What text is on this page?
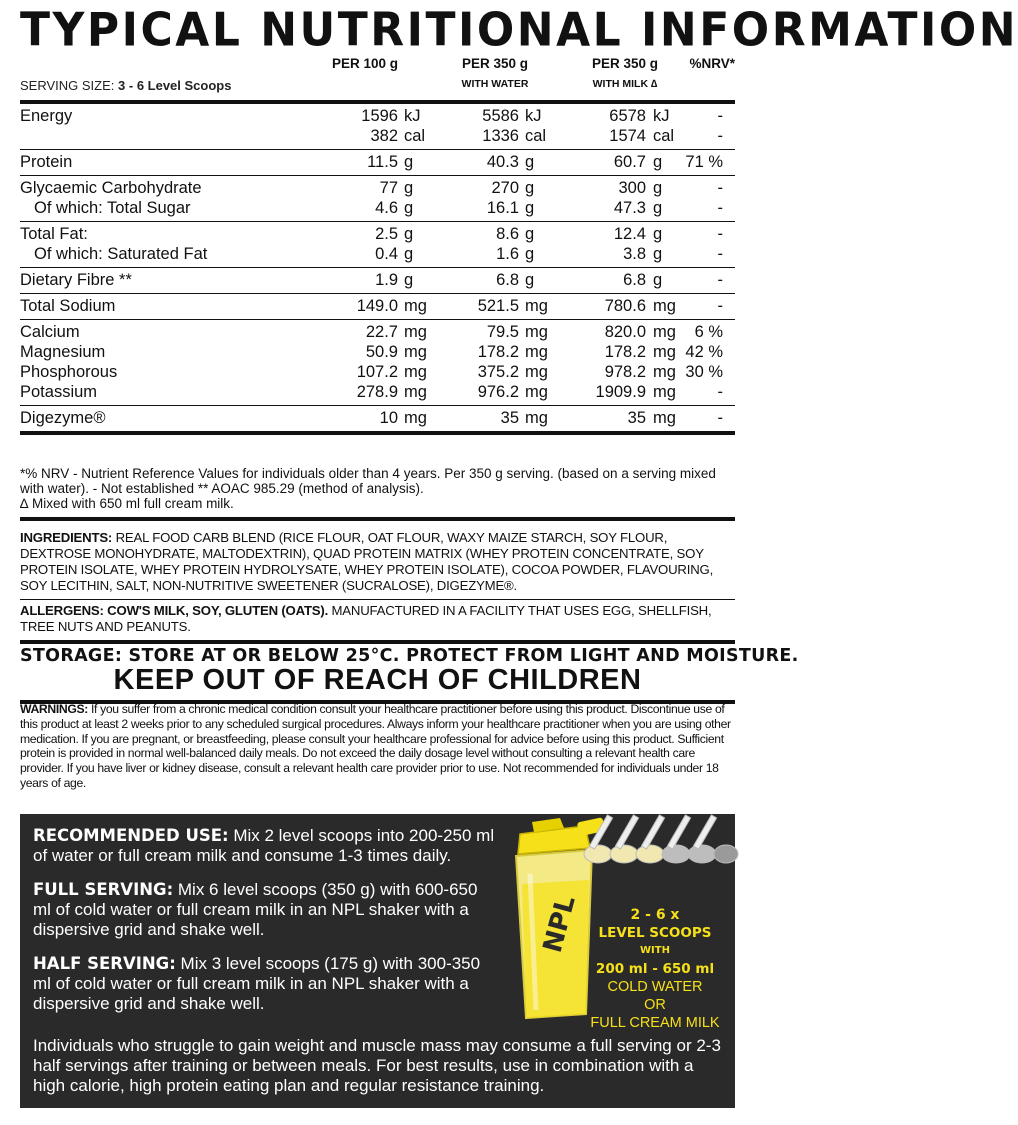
TYPICAL NUTRITIONAL INFORMATION
SERVING SIZE: 3 - 6 Level Scoops
PER 100 g	PER 350 g
WITH WATER
PER 350 g
WITH MILK ∆
%NRV*
Energy	1596 kJ	5586 kJ	6578 kJ	-
382 cal	1336 cal	1574 cal	-
Protein	11.5 g	40.3 g	60.7 g 71 %
Glycaemic Carbohydrate	77 g	270 g	300 g	-
Of which: Total Sugar	4.6 g	16.1 g	47.3 g	-
Total Fat:	2.5 g	8.6 g	12.4 g	-
Of which: Saturated Fat	0.4 g	1.6 g	3.8 g	-
Dietary Fibre **	1.9 g	6.8 g	6.8 g	-
Total Sodium	149.0 mg	521.5 mg	780.6 mg	-
Calcium	22.7 mg	79.5 mg	820.0 mg 6 %
Magnesium	50.9 mg	178.2 mg	178.2 mg 42 %
Phosphorous	107.2 mg	375.2 mg	978.2 mg 30 %
Potassium	278.9 mg	976.2 mg	1909.9 mg	-
Digezyme®	10 mg	35 mg	35 mg	-
*% NRV - Nutrient Reference Values for individuals older than 4 years. Per 350 g serving. (based on a serving mixed with water). - Not established ** AOAC 985.29 (method of analysis).
∆ Mixed with 650 ml full cream milk.
INGREDIENTS: REAL FOOD CARB BLEND (RICE FLOUR, OAT FLOUR, WAXY MAIZE STARCH, SOY FLOUR, DEXTROSE MONOHYDRATE, MALTODEXTRIN), QUAD PROTEIN MATRIX (WHEY PROTEIN CONCENTRATE, SOY PROTEIN ISOLATE, WHEY PROTEIN HYDROLYSATE, WHEY PROTEIN ISOLATE), COCOA POWDER, FLAVOURING, SOY LECITHIN, SALT, NON-NUTRITIVE SWEETENER (SUCRALOSE), DIGEZYME®.
ALLERGENS: COW'S MILK, SOY, GLUTEN (OATS). MANUFACTURED IN A FACILITY THAT USES EGG, SHELLFISH, TREE NUTS AND PEANUTS.
STORAGE: STORE AT OR BELOW 25°C. PROTECT FROM LIGHT AND MOISTURE.
KEEP OUT OF REACH OF CHILDREN
WARNINGS: If you suffer from a chronic medical condition consult your healthcare practitioner before using this product. Discontinue use of this product at least 2 weeks prior to any scheduled surgical procedures. Always inform your healthcare practitioner when you are using other medication. If you are pregnant, or breastfeeding, please consult your healthcare professional for advice before using this product. Sufficient protein is provided in normal well-balanced daily meals. Do not exceed the daily dosage level without consulting a relevant health care provider. If you have liver or kidney disease, consult a relevant health care provider prior to use. Not recommended for individuals under 18 years of age.
RECOMMENDED USE: Mix 2 level scoops into 200-250 ml of water or full cream milk and consume 1-3 times daily.
FULL SERVING: Mix 6 level scoops (350 g) with 600-650 ml of cold water or full cream milk in an NPL shaker with a dispersive grid and shake well.
HALF SERVING: Mix 3 level scoops (175 g) with 300-350 ml of cold water or full cream milk in an NPL shaker with a dispersive grid and shake well.
Individuals who struggle to gain weight and muscle mass may consume a full serving or 2-3 half servings after training or between meals. For best results, use in combination with a high calorie, high protein eating plan and regular resistance training.
NPL	2 - 6 x
LEVEL SCOOPS
WITH
200 ml - 650 ml
COLD WATER
OR
FULL CREAM MILK
